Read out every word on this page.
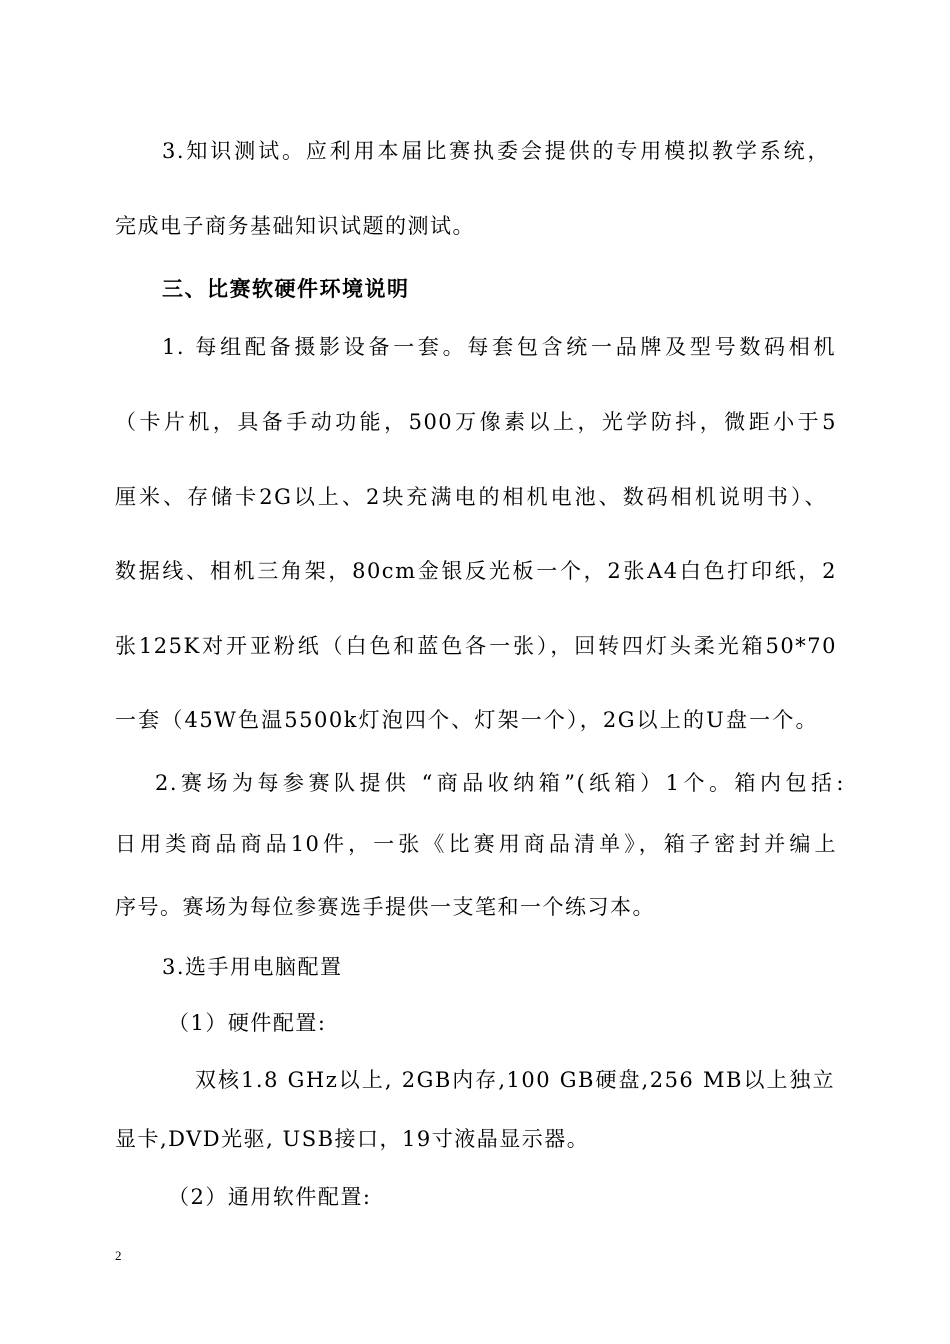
3.知识测试。应利用本届比赛执委会提供的专用模拟教学系统，
完成电子商务基础知识试题的测试。
三、比赛软硬件环境说明
1. 每组配备摄影设备一套。每套包含统一品牌及型号数码相机
（卡片机，具备手动功能，500万像素以上，光学防抖，微距小于5
厘米、存储卡2G以上、2块充满电的相机电池、数码相机说明书）、
数据线、相机三角架，80cm金银反光板一个，2张A4白色打印纸，2
张125K对开亚粉纸（白色和蓝色各一张），回转四灯头柔光箱50*70
一套（45W色温5500k灯泡四个、灯架一个），2G以上的U盘一个。
2.赛场为每参赛队提供 “商品收纳箱”(纸箱）1个。箱内包括:
日用类商品商品10件，一张《比赛用商品清单》，箱子密封并编上
序号。赛场为每位参赛选手提供一支笔和一个练习本。
3.选手用电脑配置
（1）硬件配置:
双核1.8 GHz以上, 2GB内存,100 GB硬盘,256 MB以上独立
显卡,DVD光驱, USB接口，19寸液晶显示器。
（2）通用软件配置:
2
